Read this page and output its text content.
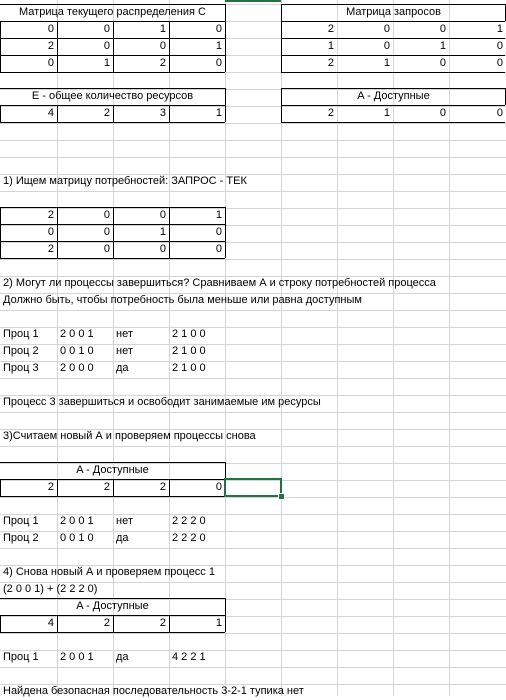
Матрица текущего распределения С
0	0	1	0
2	0	0	1
0	1	2	0
Матрица запросов
2	0	0	1
1	0	1	0
2	1	0	0
E - общее количество ресурсов
4	2	3	1
A - Доступные
2	1	0	0
1) Ищем матрицу потребностей: ЗАПРОС - ТЕК
2	0	0	1
0	0	1	0
2	0	0	0
2) Могут ли процессы завершиться? Сравниваем А и строку потребностей процесса
Должно быть, чтобы потребность была меньше или равна доступным
Проц 1	2 0 0 1	нет	2 1 0 0
Проц 2	0 0 1 0	нет	2 1 0 0
Проц 3	2 0 0 0	да	2 1 0 0
Процесс 3 завершиться и освободит занимаемые им ресурсы
3)Считаем новый А и проверяем процессы снова
A - Доступные
2	2	2	0
Проц 1	2 0 0 1	нет	2 2 2 0
Проц 2	0 0 1 0	да	2 2 2 0
4) Снова новый А и проверяем процесс 1
(2 0 0 1) + (2 2 2 0)
A - Доступные
4	2	2	1
Проц 1	2 0 0 1	да	4 2 2 1
Найдена безопасная последовательность 3-2-1 тупика нет
